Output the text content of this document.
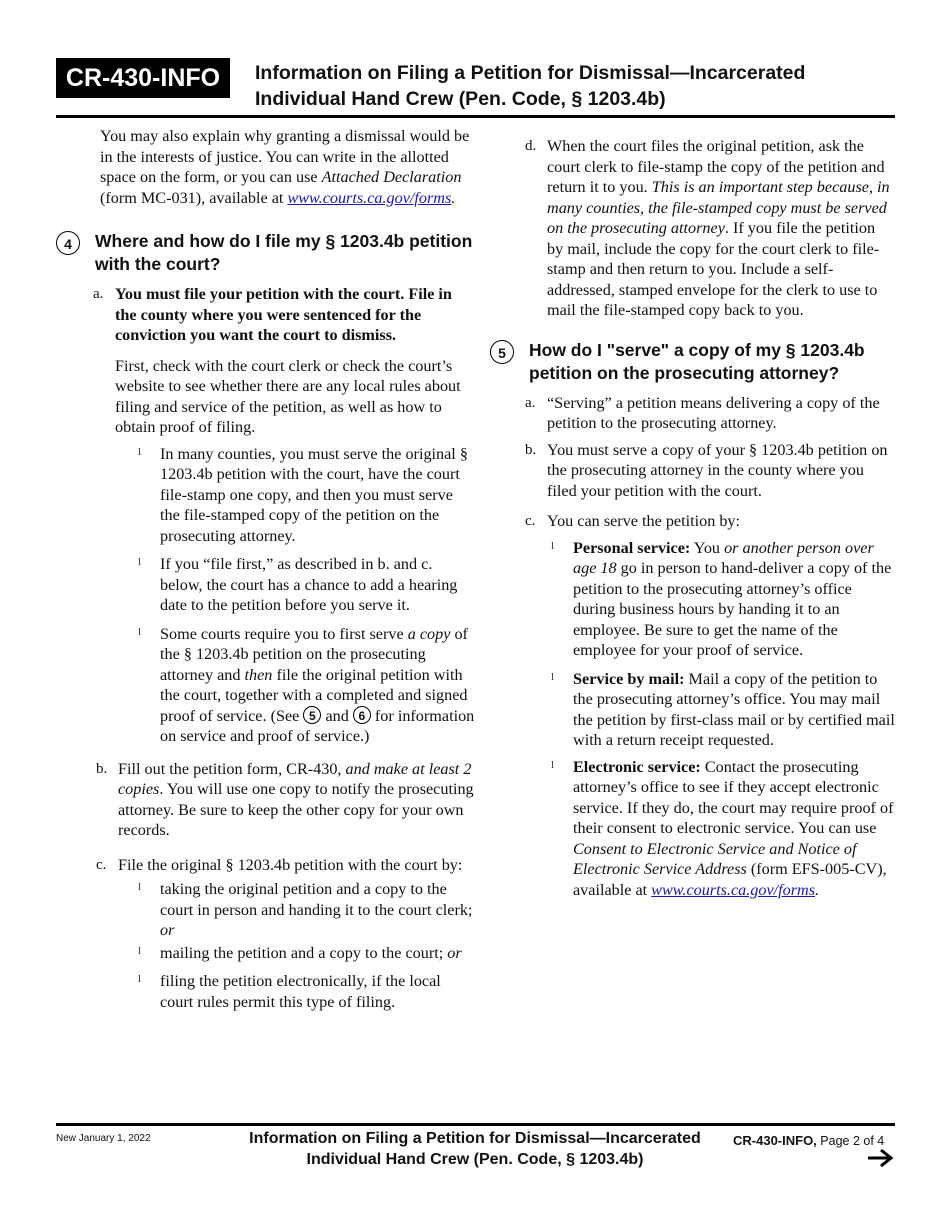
CR-430-INFO	Information on Filing a Petition for Dismissal—Incarcerated
Individual Hand Crew (Pen. Code, § 1203.4b)

You may also explain why granting a dismissal would be in the interests of justice. You can write in the allotted space on the form, or you can use Attached Declaration (form MC-031), available at www.courts.ca.gov/forms.

4	Where and how do I file my § 1203.4b petition with the court?
a. You must file your petition with the court. File in the county where you were sentenced for the conviction you want the court to dismiss.

First, check with the court clerk or check the court’s website to see whether there are any local rules about filing and service of the petition, as well as how to obtain proof of filing.

l In many counties, you must serve the original § 1203.4b petition with the court, have the court file-stamp one copy, and then you must serve the file-stamped copy of the petition on the prosecuting attorney.

l If you “file first,” as described in b. and c. below, the court has a chance to add a hearing date to the petition before you serve it.

l Some courts require you to first serve a copy of the § 1203.4b petition on the prosecuting attorney and then file the original petition with the court, together with a completed and signed proof of service. (See 5 and 6 for information on service and proof of service.)

b. Fill out the petition form, CR-430, and make at least 2 copies. You will use one copy to notify the prosecuting attorney. Be sure to keep the other copy for your own records.

c. File the original § 1203.4b petition with the court by:

l taking the original petition and a copy to the court in person and handing it to the court clerk; or

l mailing the petition and a copy to the court; or

l filing the petition electronically, if the local court rules permit this type of filing.

d. When the court files the original petition, ask the court clerk to file-stamp the copy of the petition and return it to you. This is an important step because, in many counties, the file-stamped copy must be served on the prosecuting attorney. If you file the petition by mail, include the copy for the court clerk to file-stamp and then return to you. Include a self-addressed, stamped envelope for the clerk to use to mail the file-stamped copy back to you.

5	How do I "serve" a copy of my § 1203.4b petition on the prosecuting attorney?
a. “Serving” a petition means delivering a copy of the petition to the prosecuting attorney.

b. You must serve a copy of your § 1203.4b petition on the prosecuting attorney in the county where you filed your petition with the court.

c. You can serve the petition by:

l Personal service: You or another person over age 18 go in person to hand-deliver a copy of the petition to the prosecuting attorney’s office during business hours by handing it to an employee. Be sure to get the name of the employee for your proof of service.

l Service by mail: Mail a copy of the petition to the prosecuting attorney’s office. You may mail the petition by first-class mail or by certified mail with a return receipt requested.

l Electronic service: Contact the prosecuting attorney’s office to see if they accept electronic service. If they do, the court may require proof of their consent to electronic service. You can use Consent to Electronic Service and Notice of Electronic Service Address (form EFS-005-CV), available at www.courts.ca.gov/forms.

New January 1, 2022	Information on Filing a Petition for Dismissal—Incarcerated
Individual Hand Crew (Pen. Code, § 1203.4b)
CR-430-INFO, Page 2 of 4
